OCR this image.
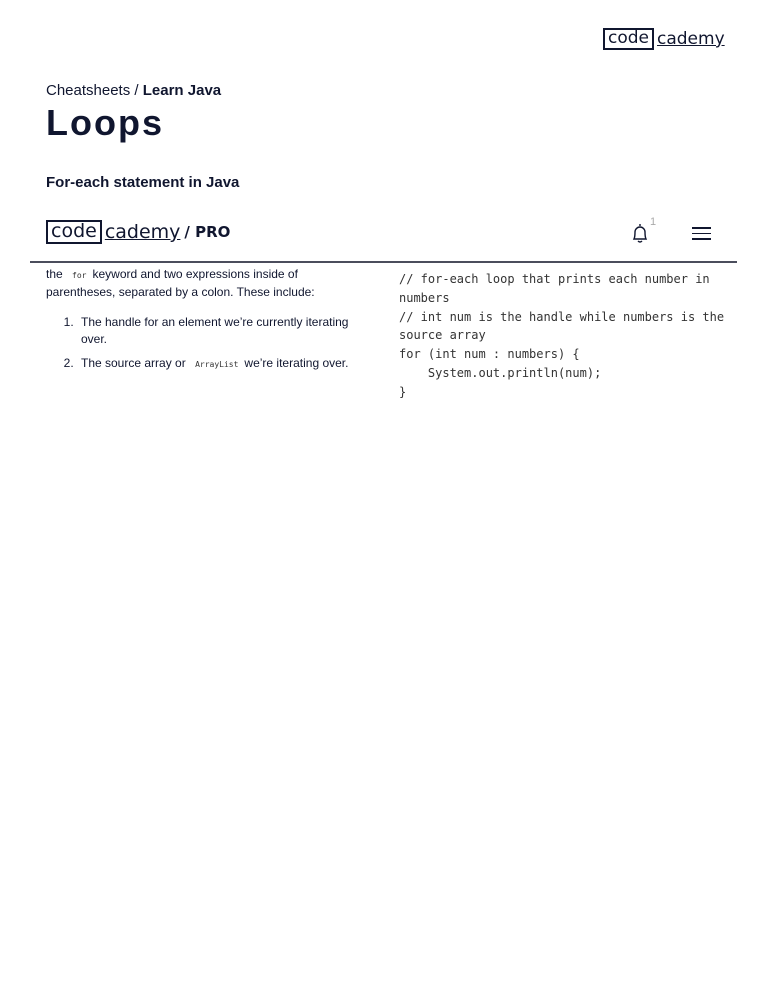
code cademy
Cheatsheets / Learn Java
Loops
For-each statement in Java
the for keyword and two expressions inside of parentheses, separated by a colon. These include:
1. The handle for an element we’re currently iterating over.
2. The source array or ArrayList we’re iterating over.
// for-each loop that prints each number in numbers
// int num is the handle while numbers is the source array
for (int num : numbers) {
System.out.println(num);
}
code cademy / PRO
1
